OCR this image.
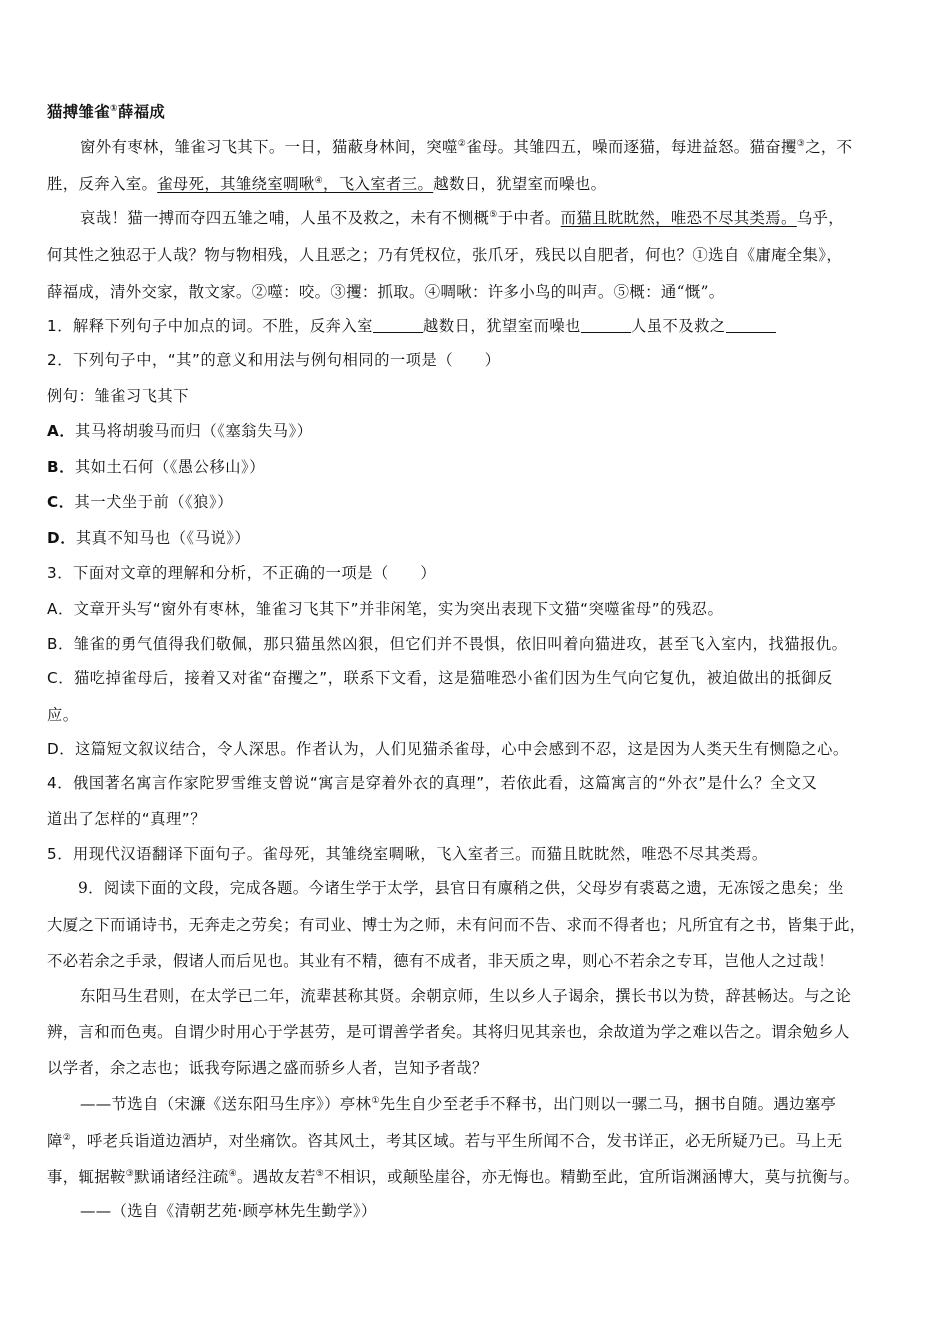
猫搏雏雀①薛福成
窗外有枣林，雏雀习飞其下。一日，猫蔽身林间，突噬②雀母。其雏四五，噪而逐猫，每进益怒。猫奋攫③之，不
胜，反奔入室。雀母死，其雏绕室啁啾④，飞入室者三。越数日，犹望室而噪也。
哀哉！猫一搏而夺四五雏之哺，人虽不及救之，未有不恻概⑤于中者。而猫且眈眈然，唯恐不尽其类焉。乌乎，
何其性之独忍于人哉？物与物相残，人且恶之；乃有凭权位，张爪牙，残民以自肥者，何也？①选自《庸庵全集》，
薛福成，清外交家，散文家。②噬：咬。③攫：抓取。④啁啾：许多小鸟的叫声。⑤概：通“慨”。
1．解释下列句子中加点的词。不胜，反奔入室	越数日，犹望室而噪也	人虽不及救之
2．下列句子中，“其”的意义和用法与例句相同的一项是（　　）
例句：雏雀习飞其下
A．其马将胡骏马而归（《塞翁失马》）
B．其如土石何（《愚公移山》）
C．其一犬坐于前（《狼》）
D．其真不知马也（《马说》）
3．下面对文章的理解和分析，不正确的一项是（　　）
A．文章开头写“窗外有枣林，雏雀习飞其下”并非闲笔，实为突出表现下文猫“突噬雀母”的残忍。
B．雏雀的勇气值得我们敬佩，那只猫虽然凶狠，但它们并不畏惧，依旧叫着向猫进攻，甚至飞入室内，找猫报仇。
C．猫吃掉雀母后，接着又对雀“奋攫之”，联系下文看，这是猫唯恐小雀们因为生气向它复仇，被迫做出的抵御反
应。
D．这篇短文叙议结合，令人深思。作者认为，人们见猫杀雀母，心中会感到不忍，这是因为人类天生有恻隐之心。
4．俄国著名寓言作家陀罗雪维支曾说“寓言是穿着外衣的真理”，若依此看，这篇寓言的“外衣”是什么？全文又
道出了怎样的“真理”？
5．用现代汉语翻译下面句子。雀母死，其雏绕室啁啾，飞入室者三。而猫且眈眈然，唯恐不尽其类焉。
9．阅读下面的文段，完成各题。今诸生学于太学，县官日有廪稍之供，父母岁有裘葛之遗，无冻馁之患矣；坐
大厦之下而诵诗书，无奔走之劳矣；有司业、博士为之师，未有问而不告、求而不得者也；凡所宜有之书，皆集于此，
不必若余之手录，假诸人而后见也。其业有不精，德有不成者，非天质之卑，则心不若余之专耳，岂他人之过哉！
东阳马生君则，在太学已二年，流辈甚称其贤。余朝京师，生以乡人子谒余，撰长书以为贽，辞甚畅达。与之论
辨，言和而色夷。自谓少时用心于学甚劳，是可谓善学者矣。其将归见其亲也，余故道为学之难以告之。谓余勉乡人
以学者，余之志也；诋我夸际遇之盛而骄乡人者，岂知予者哉？
——节选自（宋濂《送东阳马生序》）亭林①先生自少至老手不释书，出门则以一骡二马，捆书自随。遇边塞亭
障②，呼老兵诣道边酒垆，对坐痛饮。咨其风土，考其区域。若与平生所闻不合，发书详正，必无所疑乃已。马上无
事，辄据鞍③默诵诸经注疏④。遇故友若⑤不相识，或颠坠崖谷，亦无悔也。精勤至此，宜所诣渊涵博大，莫与抗衡与。
——（选自《清朝艺苑·顾亭林先生勤学》）
